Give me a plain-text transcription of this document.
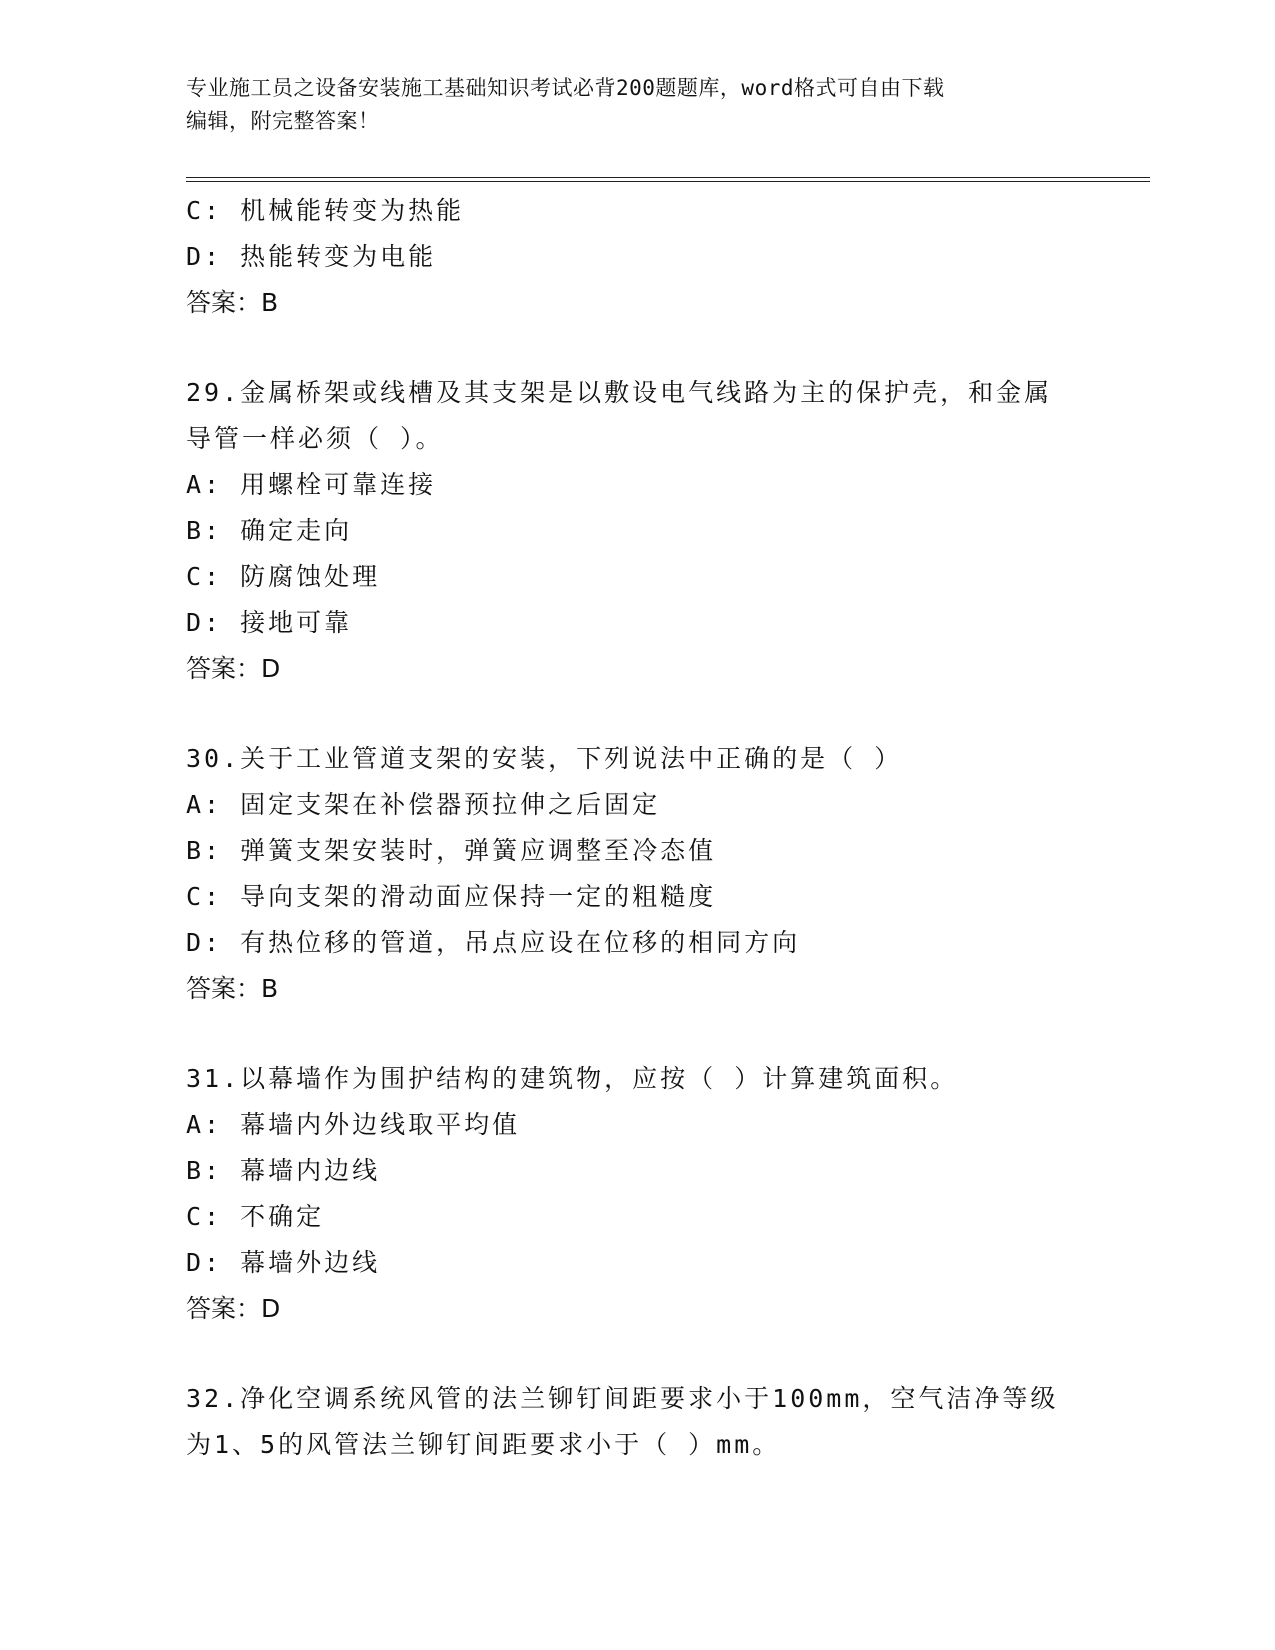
专业施工员之设备安装施工基础知识考试必背200题题库，word格式可自由下载
编辑，附完整答案！
C: 机械能转变为热能
D: 热能转变为电能
答案：B
29.金属桥架或线槽及其支架是以敷设电气线路为主的保护壳，和金属
导管一样必须（ ）。
A: 用螺栓可靠连接
B: 确定走向
C: 防腐蚀处理
D: 接地可靠
答案：D
30.关于工业管道支架的安装，下列说法中正确的是（ ）
A: 固定支架在补偿器预拉伸之后固定
B: 弹簧支架安装时，弹簧应调整至冷态值
C: 导向支架的滑动面应保持一定的粗糙度
D: 有热位移的管道，吊点应设在位移的相同方向
答案：B
31.以幕墙作为围护结构的建筑物，应按（ ）计算建筑面积。
A: 幕墙内外边线取平均值
B: 幕墙内边线
C: 不确定
D: 幕墙外边线
答案：D
32.净化空调系统风管的法兰铆钉间距要求小于100mm，空气洁净等级
为1、5的风管法兰铆钉间距要求小于（ ）mm。
